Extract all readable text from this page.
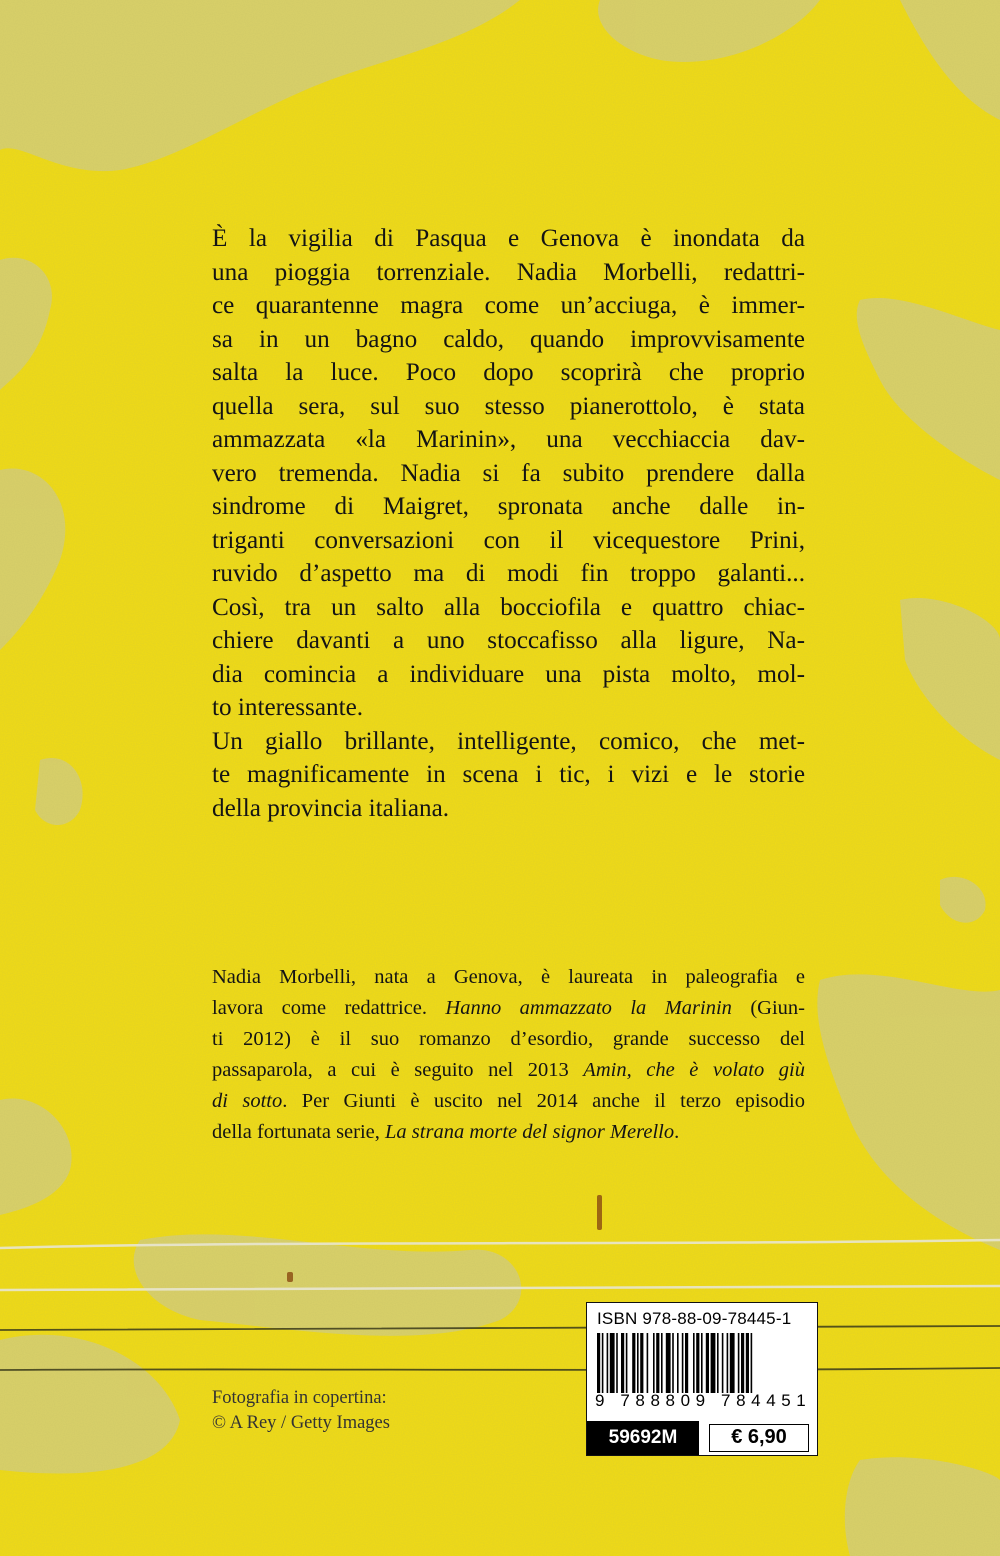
È la vigilia di Pasqua e Genova è inondata da
una pioggia torrenziale. Nadia Morbelli, redattri-
ce quarantenne magra come un’acciuga, è immer-
sa in un bagno caldo, quando improvvisamente
salta la luce. Poco dopo scoprirà che proprio
quella sera, sul suo stesso pianerottolo, è stata
ammazzata «la Marinin», una vecchiaccia dav-
vero tremenda. Nadia si fa subito prendere dalla
sindrome di Maigret, spronata anche dalle in-
triganti conversazioni con il vicequestore Prini,
ruvido d’aspetto ma di modi fin troppo galanti...
Così, tra un salto alla bocciofila e quattro chiac-
chiere davanti a uno stoccafisso alla ligure, Na-
dia comincia a individuare una pista molto, mol-
to interessante.
Un giallo brillante, intelligente, comico, che met-
te magnificamente in scena i tic, i vizi e le storie
della provincia italiana.
Nadia Morbelli, nata a Genova, è laureata in paleografia e
lavora come redattrice. Hanno ammazzato la Marinin (Giun-
ti 2012) è il suo romanzo d’esordio, grande successo del
passaparola, a cui è seguito nel 2013 Amin, che è volato giù
di sotto. Per Giunti è uscito nel 2014 anche il terzo episodio
della fortunata serie, La strana morte del signor Merello.
Fotografia in copertina:
© A Rey / Getty Images
ISBN 978-88-09-78445-1
9 788809 784451
59692M	€ 6,90
